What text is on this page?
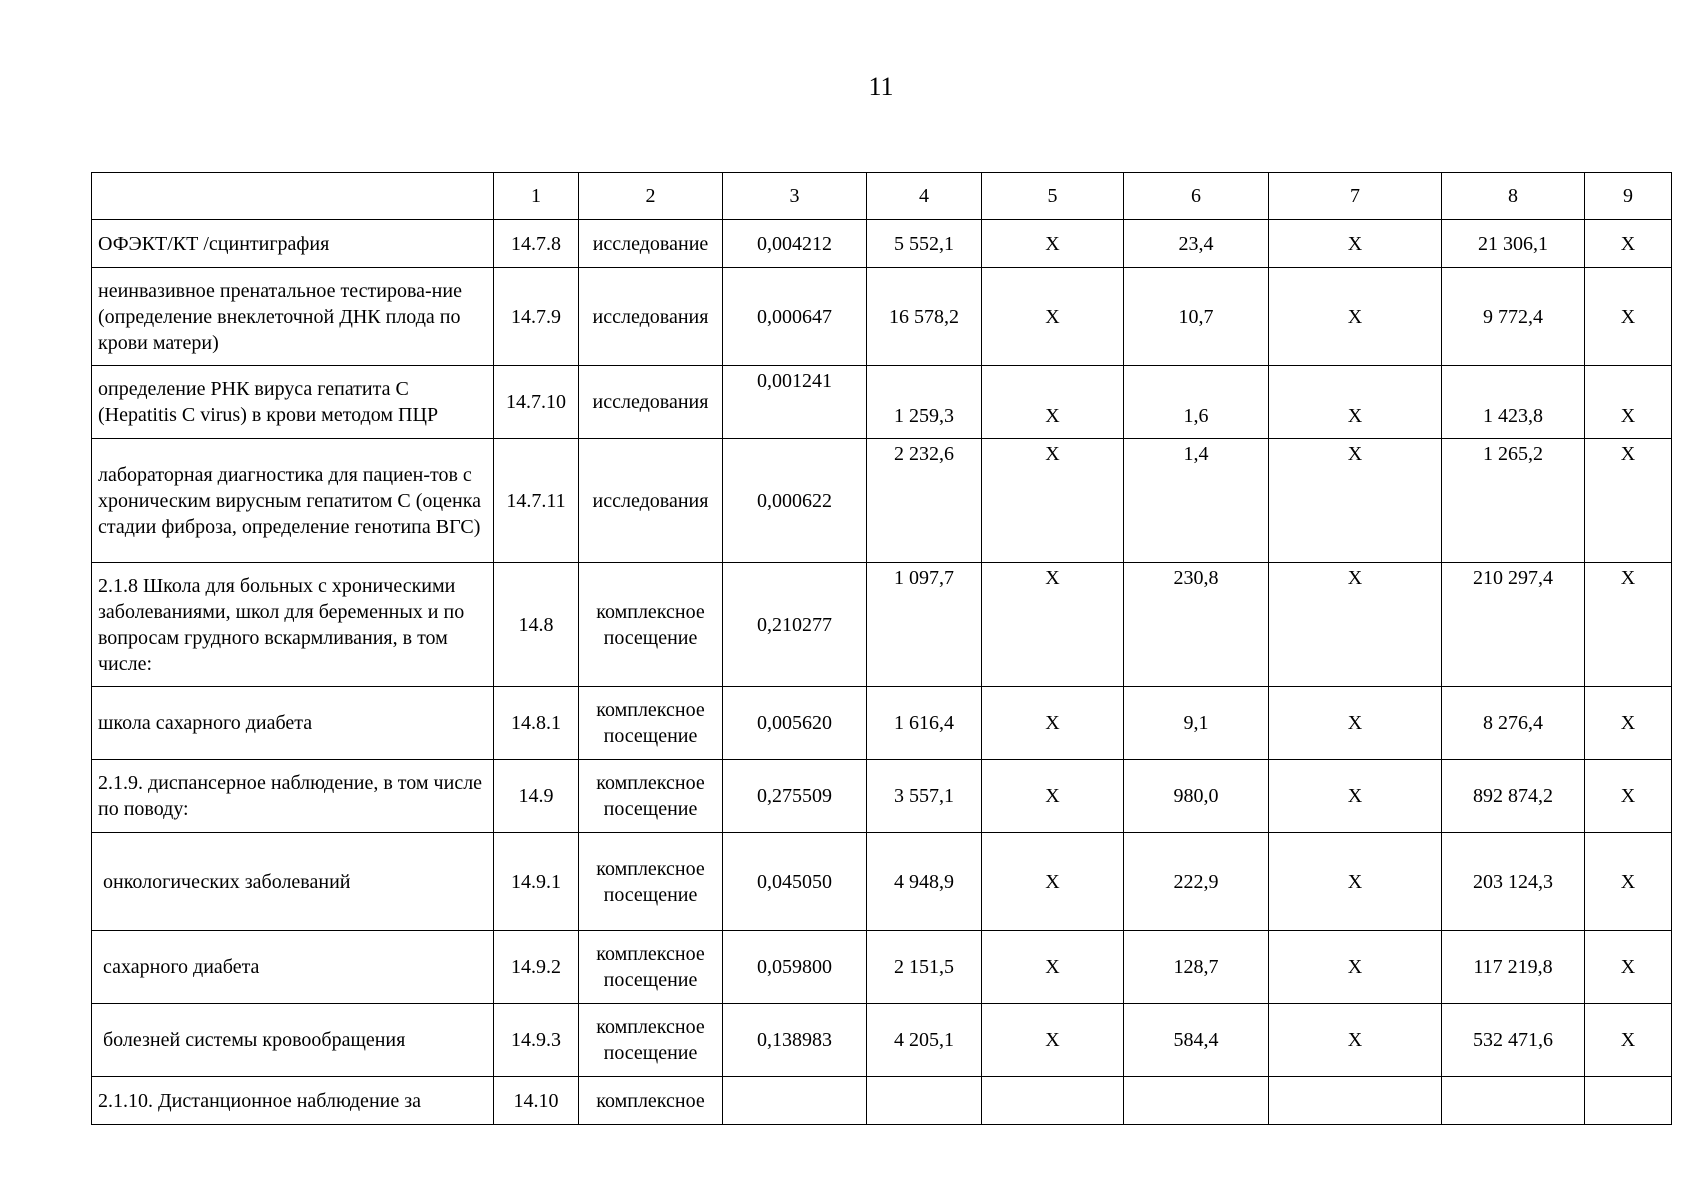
11
	1	2	3	4	5	6	7	8	9
ОФЭКТ/КТ /сцинтиграфия	14.7.8	исследование	0,004212	5 552,1	Х	23,4	Х	21 306,1	Х
неинвазивное пренатальное тестирова-ние (определение внеклеточной ДНК плода по крови матери)	14.7.9	исследования	0,000647	16 578,2	Х	10,7	Х	9 772,4	Х
определение РНК вируса гепатита С (Hepatitis C virus) в крови методом ПЦР	14.7.10	исследования	0,001241	1 259,3	Х	1,6	Х	1 423,8	Х
лабораторная диагностика для пациен-тов с хроническим вирусным гепатитом С (оценка стадии фиброза, определение генотипа ВГС)	14.7.11	исследования	0,000622	2 232,6	Х	1,4	Х	1 265,2	Х
2.1.8 Школа для больных с хроническими заболеваниями, школ для беременных и по вопросам грудного вскармливания, в том числе:	14.8	комплексное посещение	0,210277	1 097,7	Х	230,8	Х	210 297,4	Х
школа сахарного диабета	14.8.1	комплексное посещение	0,005620	1 616,4	Х	9,1	Х	8 276,4	Х
2.1.9. диспансерное наблюдение, в том числе по поводу:	14.9	комплексное посещение	0,275509	3 557,1	Х	980,0	Х	892 874,2	Х
онкологических заболеваний	14.9.1	комплексное посещение	0,045050	4 948,9	Х	222,9	Х	203 124,3	Х
сахарного диабета	14.9.2	комплексное посещение	0,059800	2 151,5	Х	128,7	Х	117 219,8	Х
болезней системы кровообращения	14.9.3	комплексное посещение	0,138983	4 205,1	Х	584,4	Х	532 471,6	Х
2.1.10. Дистанционное наблюдение за	14.10	комплексное							
